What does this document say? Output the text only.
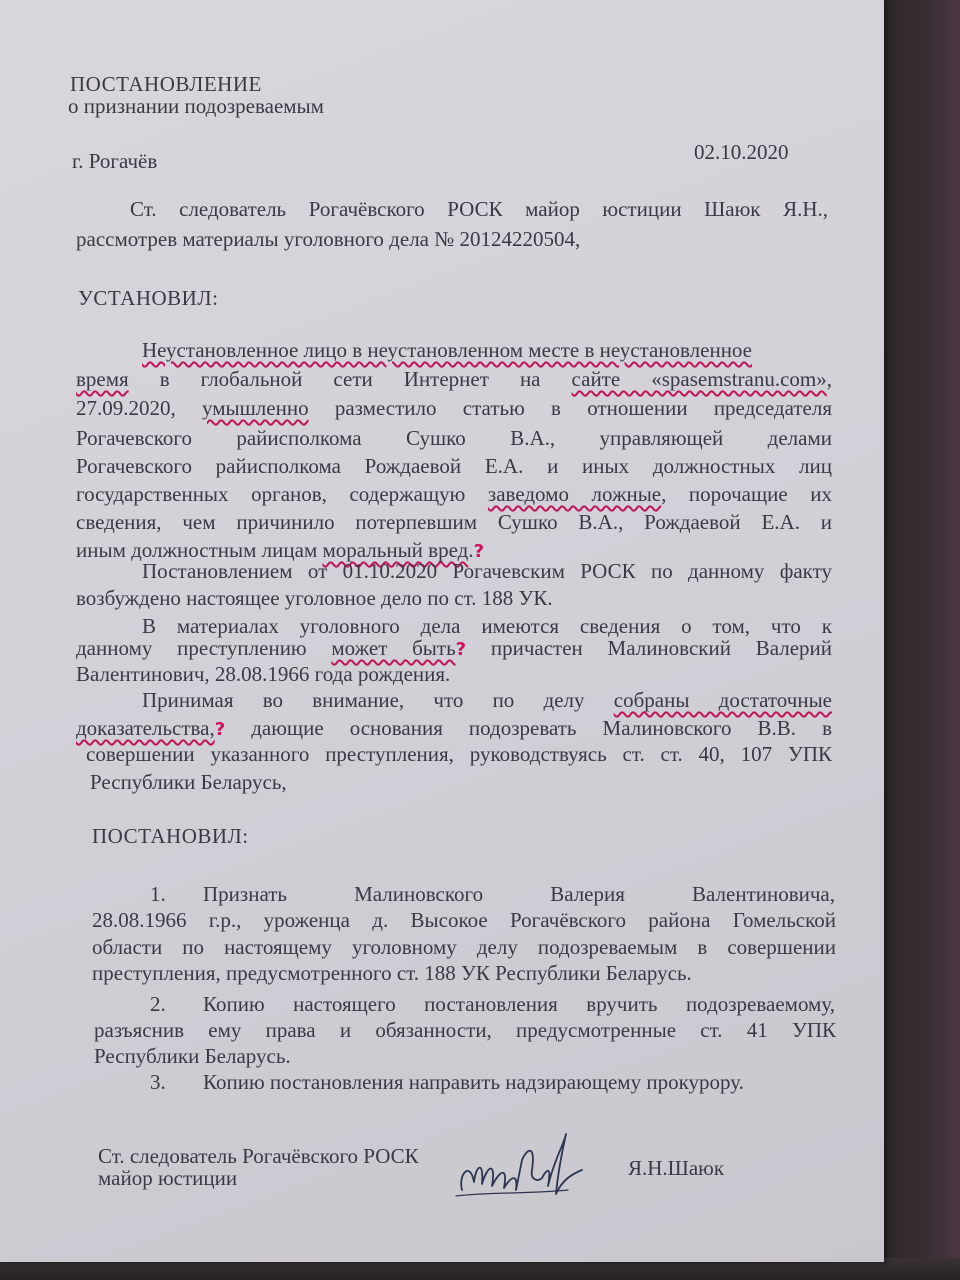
ПОСТАНОВЛЕНИЕ
о признании подозреваемым
г. Рогачёв	02.10.2020
Ст. следователь Рогачёвского РОСК майор юстиции Шаюк Я.Н.,
рассмотрев материалы уголовного дела № 20124220504,
УСТАНОВИЛ:
Неустановленное лицо в неустановленном месте в неустановленное
время в глобальной сети Интернет на сайте «spasemstranu.com»,
27.09.2020, умышленно разместило статью в отношении председателя
Рогачевского райисполкома Сушко В.А., управляющей делами
Рогачевского райисполкома Рождаевой Е.А. и иных должностных лиц
государственных органов, содержащую заведомо ложные, порочащие их
сведения, чем причинило потерпевшим Сушко В.А., Рождаевой Е.А. и
иным должностным лицам моральный вред.?
Постановлением от 01.10.2020 Рогачевским РОСК по данному факту
возбуждено настоящее уголовное дело по ст. 188 УК.
В материалах уголовного дела имеются сведения о том, что к
данному преступлению может быть? причастен Малиновский Валерий
Валентинович, 28.08.1966 года рождения.
Принимая во внимание, что по делу собраны достаточные
доказательства,? дающие основания подозревать Малиновского В.В. в
совершении указанного преступления, руководствуясь ст. ст. 40, 107 УПК
Республики Беларусь,
ПОСТАНОВИЛ:
1. Признать	Малиновского	Валерия	Валентиновича,
28.08.1966 г.р., уроженца д. Высокое Рогачёвского района Гомельской
области по настоящему уголовному делу подозреваемым в совершении
преступления, предусмотренного ст. 188 УК Республики Беларусь.
2. Копию настоящего постановления вручить подозреваемому,
разъяснив ему права и обязанности, предусмотренные ст. 41 УПК
Республики Беларусь.
3. Копию постановления направить надзирающему прокурору.
Ст. следователь Рогачёвского РОСК
майор юстиции	Я.Н.Шаюк
